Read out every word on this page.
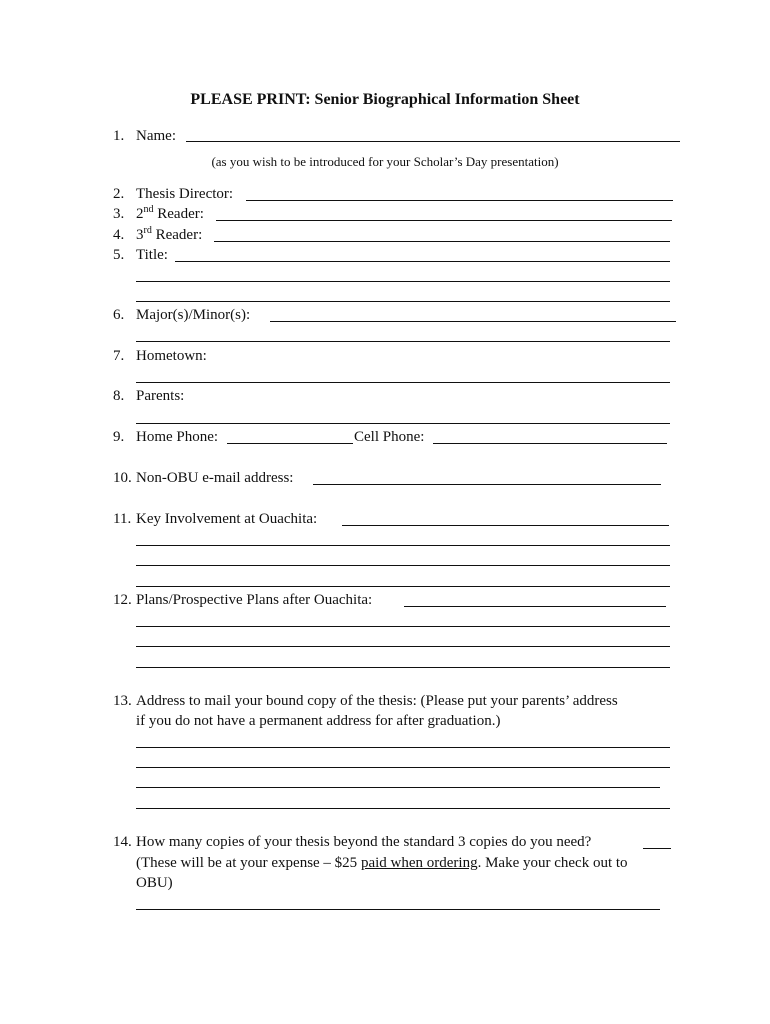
PLEASE PRINT: Senior Biographical Information Sheet
1. Name:
(as you wish to be introduced for your Scholar’s Day presentation)
2. Thesis Director:
3. 2nd Reader:
4. 3rd Reader:
5. Title:
6. Major(s)/Minor(s):
7. Hometown:
8. Parents:
9. Home Phone:	Cell Phone:
10. Non-OBU e-mail address:
11. Key Involvement at Ouachita:
12. Plans/Prospective Plans after Ouachita:
13. Address to mail your bound copy of the thesis: (Please put your parents’ address
if you do not have a permanent address for after graduation.)
14. How many copies of your thesis beyond the standard 3 copies do you need?
(These will be at your expense – $25 paid when ordering. Make your check out to
OBU)
